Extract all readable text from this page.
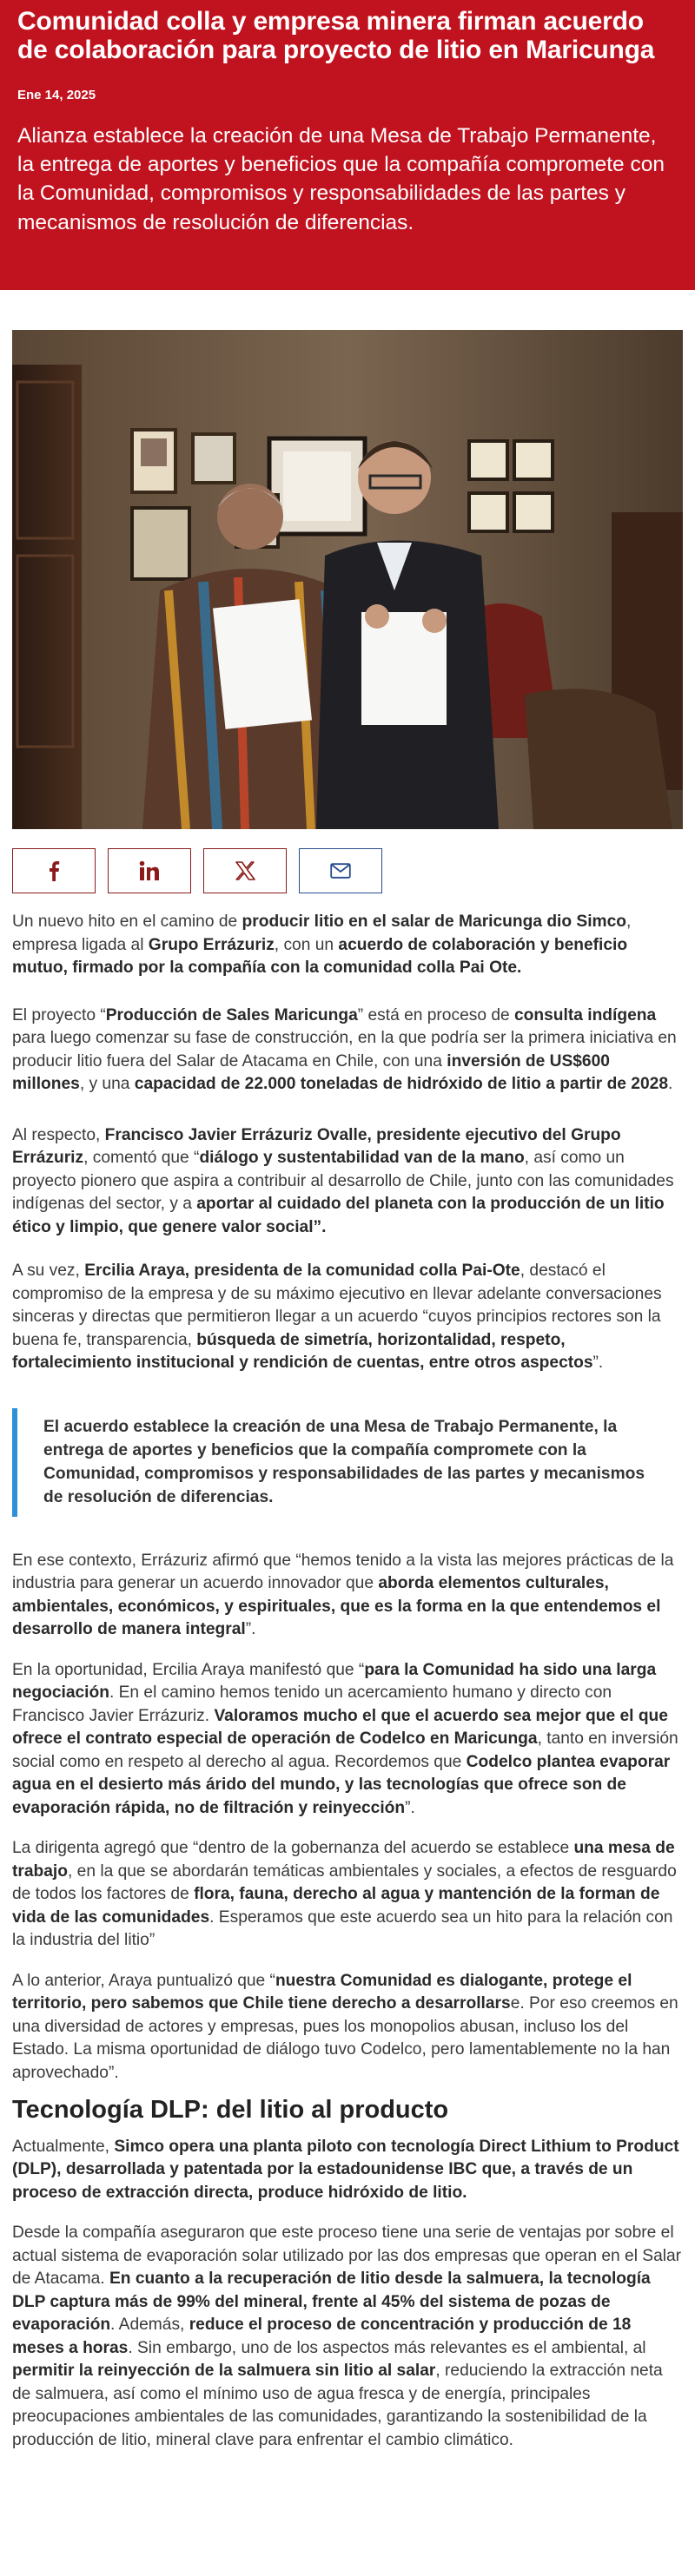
Comunidad colla y empresa minera firman acuerdo de colaboración para proyecto de litio en Maricunga
Ene 14, 2025

Alianza establece la creación de una Mesa de Trabajo Permanente, la entrega de aportes y beneficios que la compañía compromete con la Comunidad, compromisos y responsabilidades de las partes y mecanismos de resolución de diferencias.

Un nuevo hito en el camino de producir litio en el salar de Maricunga dio Simco, empresa ligada al Grupo Errázuriz, con un acuerdo de colaboración y beneficio mutuo, firmado por la compañía con la comunidad colla Pai Ote.

El proyecto “Producción de Sales Maricunga” está en proceso de consulta indígena para luego comenzar su fase de construcción, en la que podría ser la primera iniciativa en producir litio fuera del Salar de Atacama en Chile, con una inversión de US$600 millones, y una capacidad de 22.000 toneladas de hidróxido de litio a partir de 2028.

Al respecto, Francisco Javier Errázuriz Ovalle, presidente ejecutivo del Grupo Errázuriz, comentó que “diálogo y sustentabilidad van de la mano, así como un proyecto pionero que aspira a contribuir al desarrollo de Chile, junto con las comunidades indígenas del sector, y a aportar al cuidado del planeta con la producción de un litio ético y limpio, que genere valor social”.

A su vez, Ercilia Araya, presidenta de la comunidad colla Pai-Ote, destacó el compromiso de la empresa y de su máximo ejecutivo en llevar adelante conversaciones sinceras y directas que permitieron llegar a un acuerdo “cuyos principios rectores son la buena fe, transparencia, búsqueda de simetría, horizontalidad, respeto, fortalecimiento institucional y rendición de cuentas, entre otros aspectos”.

El acuerdo establece la creación de una Mesa de Trabajo Permanente, la entrega de aportes y beneficios que la compañía compromete con la Comunidad, compromisos y responsabilidades de las partes y mecanismos de resolución de diferencias.

En ese contexto, Errázuriz afirmó que “hemos tenido a la vista las mejores prácticas de la industria para generar un acuerdo innovador que aborda elementos culturales, ambientales, económicos, y espirituales, que es la forma en la que entendemos el desarrollo de manera integral”.

En la oportunidad, Ercilia Araya manifestó que “para la Comunidad ha sido una larga negociación. En el camino hemos tenido un acercamiento humano y directo con Francisco Javier Errázuriz. Valoramos mucho el que el acuerdo sea mejor que el que ofrece el contrato especial de operación de Codelco en Maricunga, tanto en inversión social como en respeto al derecho al agua. Recordemos que Codelco plantea evaporar agua en el desierto más árido del mundo, y las tecnologías que ofrece son de evaporación rápida, no de filtración y reinyección”.

La dirigenta agregó que “dentro de la gobernanza del acuerdo se establece una mesa de trabajo, en la que se abordarán temáticas ambientales y sociales, a efectos de resguardo de todos los factores de flora, fauna, derecho al agua y mantención de la forman de vida de las comunidades. Esperamos que este acuerdo sea un hito para la relación con la industria del litio”

A lo anterior, Araya puntualizó que “nuestra Comunidad es dialogante, protege el territorio, pero sabemos que Chile tiene derecho a desarrollarse. Por eso creemos en una diversidad de actores y empresas, pues los monopolios abusan, incluso los del Estado. La misma oportunidad de diálogo tuvo Codelco, pero lamentablemente no la han aprovechado”.

Tecnología DLP: del litio al producto

Actualmente, Simco opera una planta piloto con tecnología Direct Lithium to Product (DLP), desarrollada y patentada por la estadounidense IBC que, a través de un proceso de extracción directa, produce hidróxido de litio.

Desde la compañía aseguraron que este proceso tiene una serie de ventajas por sobre el actual sistema de evaporación solar utilizado por las dos empresas que operan en el Salar de Atacama. En cuanto a la recuperación de litio desde la salmuera, la tecnología DLP captura más de 99% del mineral, frente al 45% del sistema de pozas de evaporación. Además, reduce el proceso de concentración y producción de 18 meses a horas. Sin embargo, uno de los aspectos más relevantes es el ambiental, al permitir la reinyección de la salmuera sin litio al salar, reduciendo la extracción neta de salmuera, así como el mínimo uso de agua fresca y de energía, principales preocupaciones ambientales de las comunidades, garantizando la sostenibilidad de la producción de litio, mineral clave para enfrentar el cambio climático.
